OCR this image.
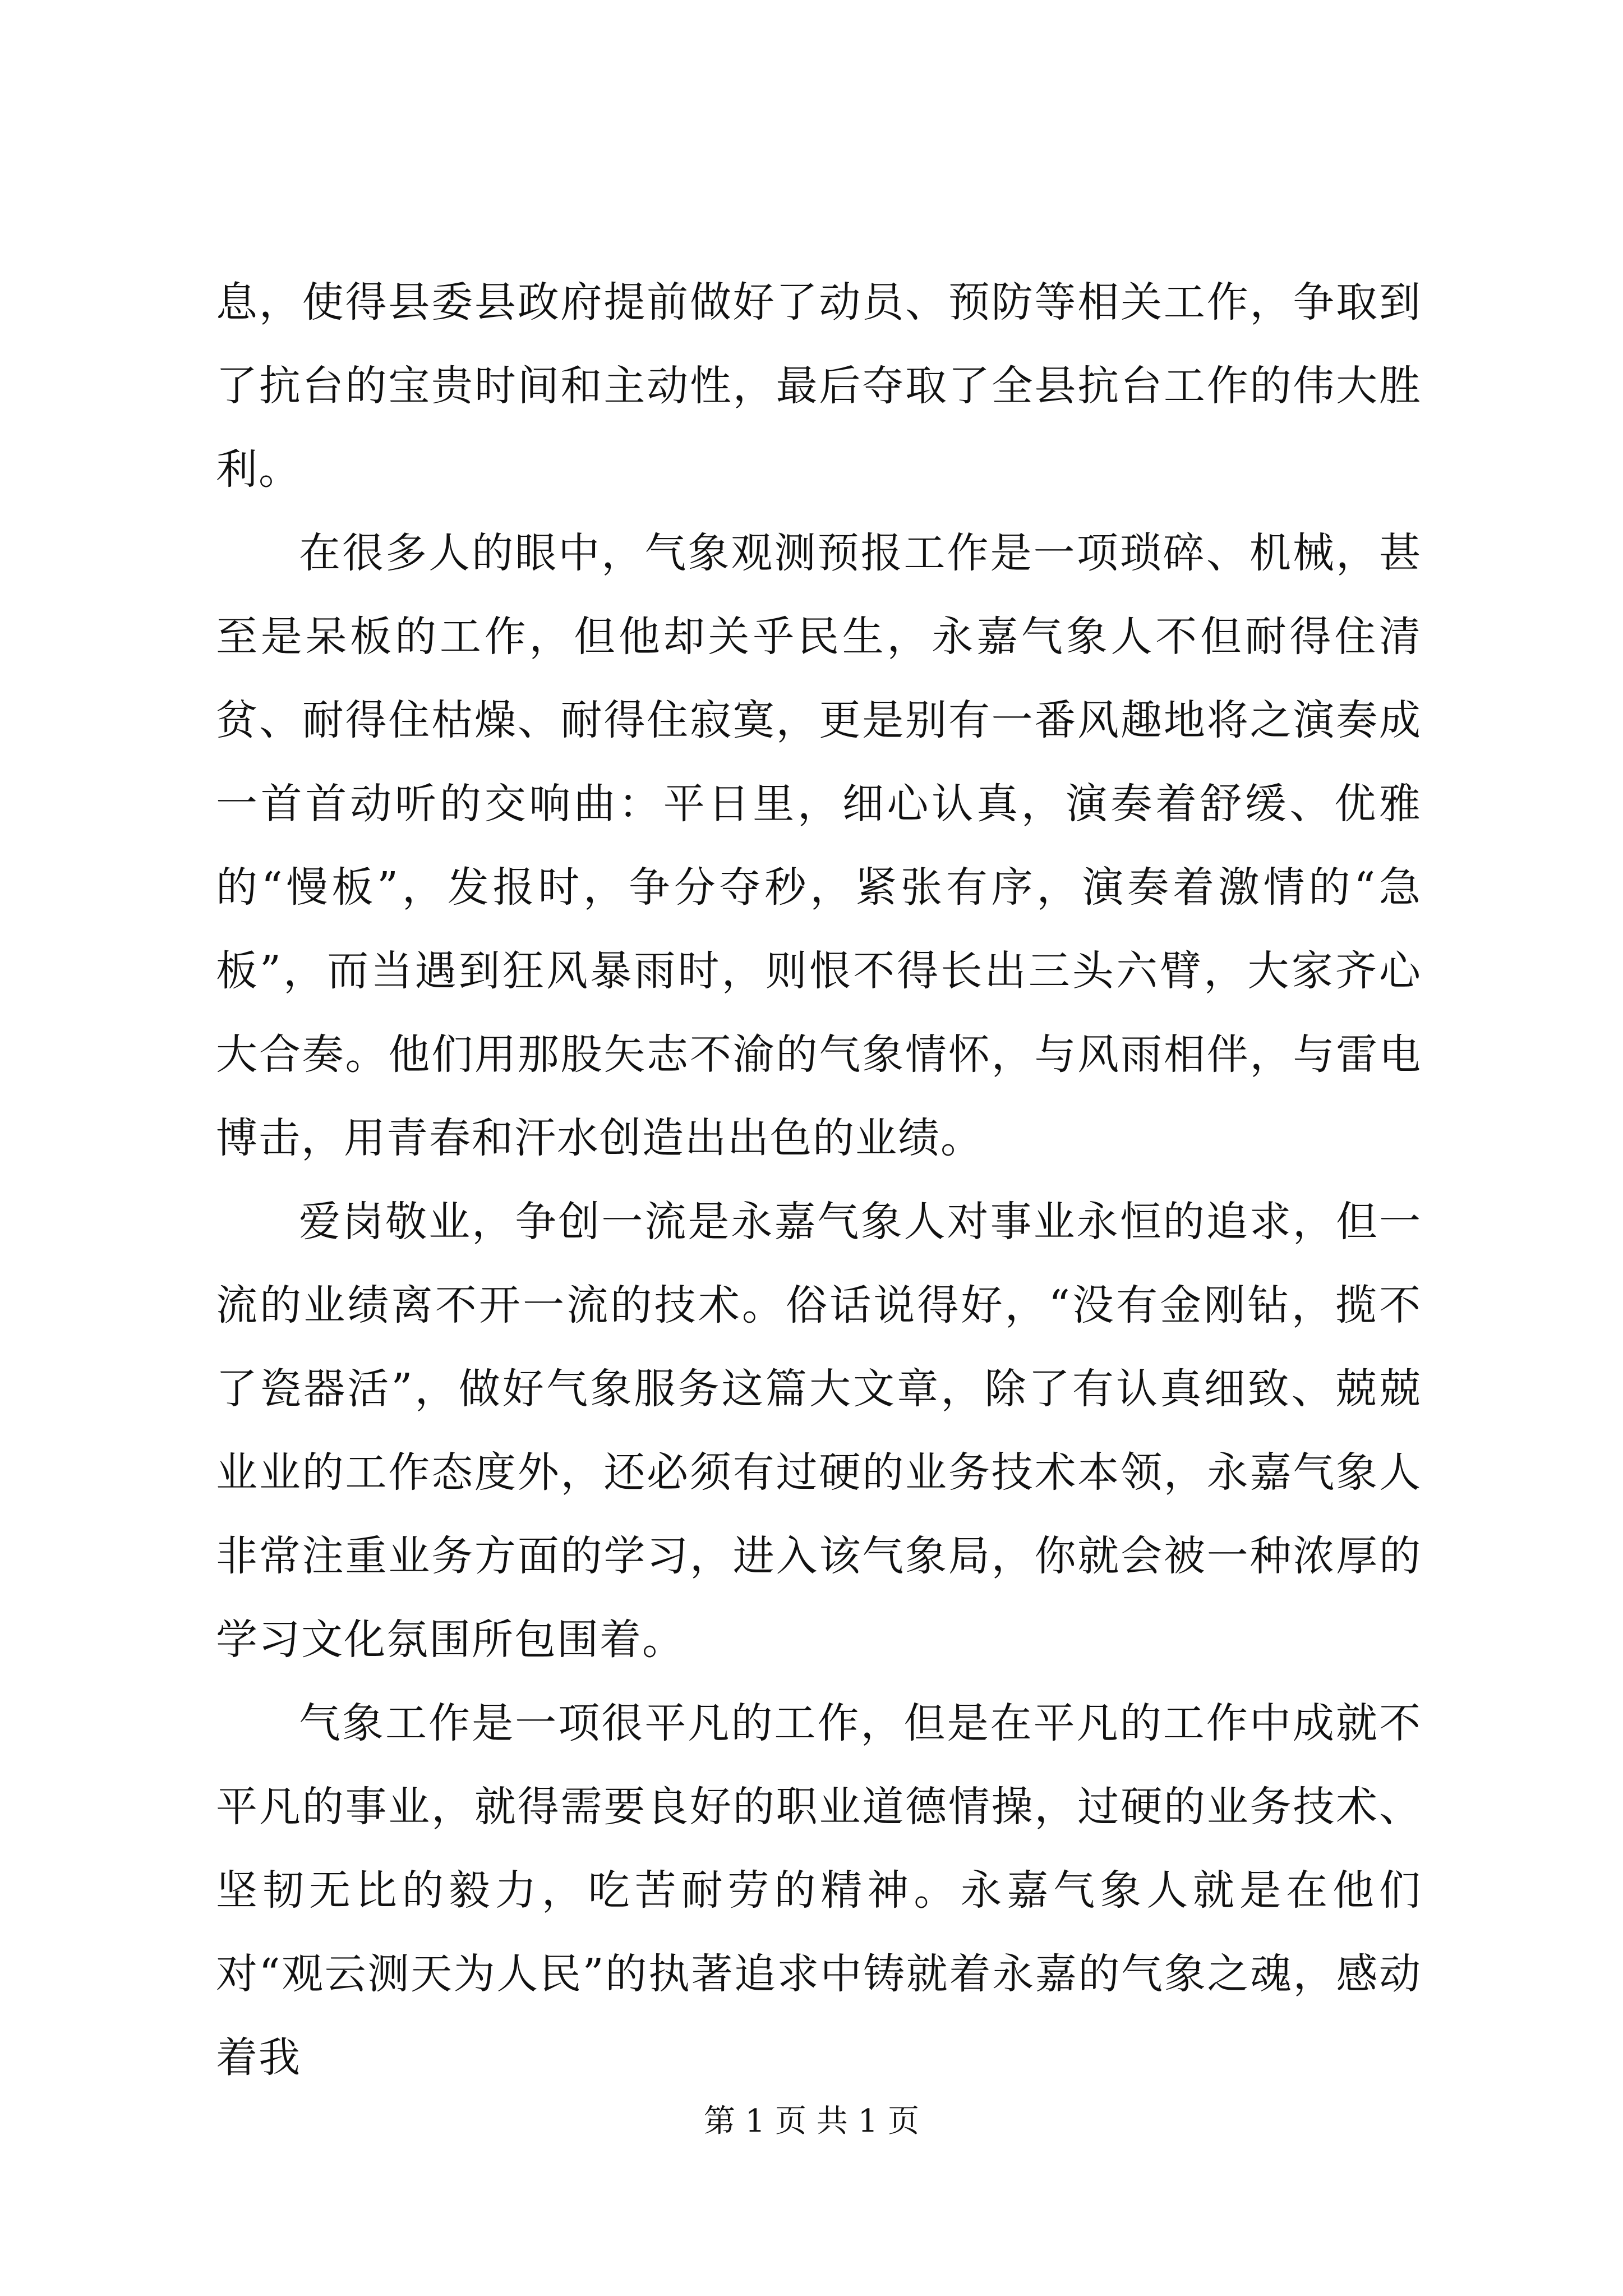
息，使得县委县政府提前做好了动员、预防等相关工作，争取到了抗台的宝贵时间和主动性，最后夺取了全县抗台工作的伟大胜利。

在很多人的眼中，气象观测预报工作是一项琐碎、机械，甚至是呆板的工作，但他却关乎民生，永嘉气象人不但耐得住清贫、耐得住枯燥、耐得住寂寞，更是别有一番风趣地将之演奏成一首首动听的交响曲：平日里，细心认真，演奏着舒缓、优雅的“慢板”，发报时，争分夺秒，紧张有序，演奏着激情的“急板”，而当遇到狂风暴雨时，则恨不得长出三头六臂，大家齐心大合奏。他们用那股矢志不渝的气象情怀，与风雨相伴，与雷电博击，用青春和汗水创造出出色的业绩。

爱岗敬业，争创一流是永嘉气象人对事业永恒的追求，但一流的业绩离不开一流的技术。俗话说得好，“没有金刚钻，揽不了瓷器活”，做好气象服务这篇大文章，除了有认真细致、兢兢业业的工作态度外，还必须有过硬的业务技术本领，永嘉气象人非常注重业务方面的学习，进入该气象局，你就会被一种浓厚的学习文化氛围所包围着。

气象工作是一项很平凡的工作，但是在平凡的工作中成就不平凡的事业，就得需要良好的职业道德情操，过硬的业务技术、坚韧无比的毅力，吃苦耐劳的精神。永嘉气象人就是在他们对“观云测天为人民”的执著追求中铸就着永嘉的气象之魂，感动着我

第 1 页 共 1 页
